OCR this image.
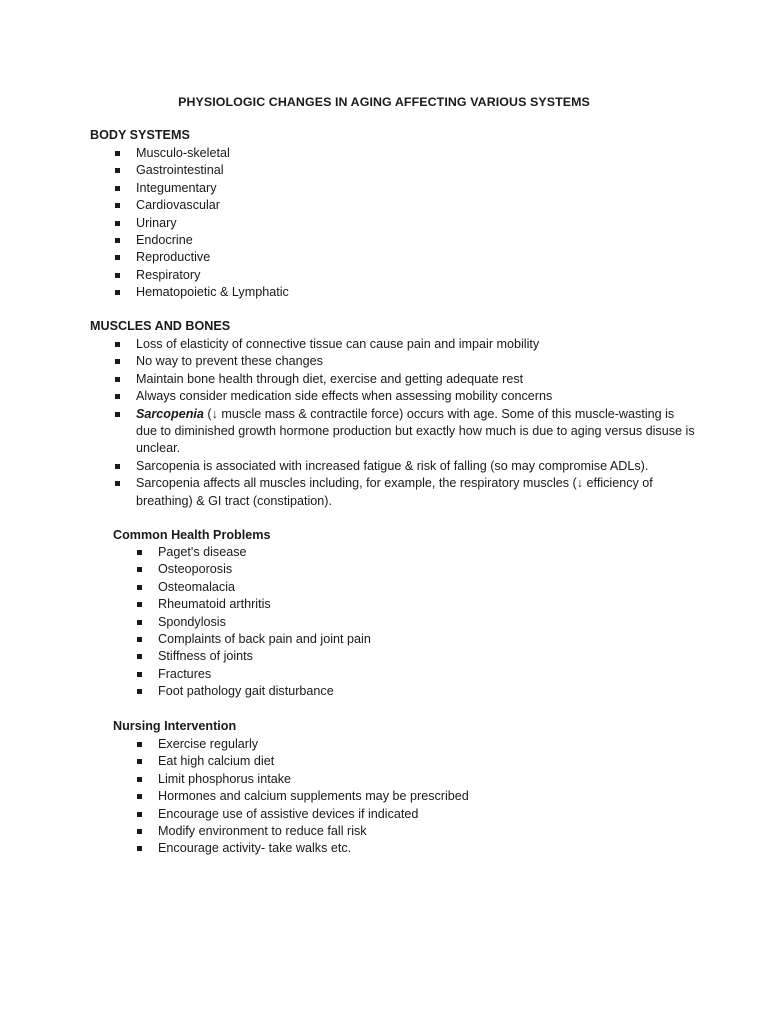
PHYSIOLOGIC CHANGES IN AGING AFFECTING VARIOUS SYSTEMS
BODY SYSTEMS
Musculo-skeletal
Gastrointestinal
Integumentary
Cardiovascular
Urinary
Endocrine
Reproductive
Respiratory
Hematopoietic & Lymphatic
MUSCLES AND BONES
Loss of elasticity of connective tissue can cause pain and impair mobility
No way to prevent these changes
Maintain bone health through diet, exercise and getting adequate rest
Always consider medication side effects when assessing mobility concerns
Sarcopenia (↓ muscle mass & contractile force) occurs with age. Some of this muscle-wasting is due to diminished growth hormone production but exactly how much is due to aging versus disuse is unclear.
Sarcopenia is associated with increased fatigue & risk of falling (so may compromise ADLs).
Sarcopenia affects all muscles including, for example, the respiratory muscles (↓ efficiency of breathing) & GI tract (constipation).
Common Health Problems
Paget's disease
Osteoporosis
Osteomalacia
Rheumatoid arthritis
Spondylosis
Complaints of back pain and joint pain
Stiffness of joints
Fractures
Foot pathology gait disturbance
Nursing Intervention
Exercise regularly
Eat high calcium diet
Limit phosphorus intake
Hormones and calcium supplements may be prescribed
Encourage use of assistive devices if indicated
Modify environment to reduce fall risk
Encourage activity- take walks etc.
